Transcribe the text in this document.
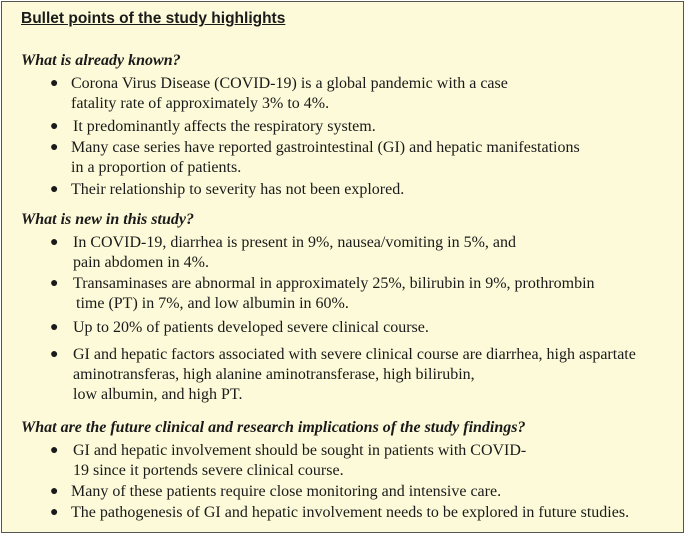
Bullet points of the study highlights
What is already known?
● Corona Virus Disease (COVID-19) is a global pandemic with a case
fatality rate of approximately 3% to 4%.
● It predominantly affects the respiratory system.
● Many case series have reported gastrointestinal (GI) and hepatic manifestations
in a proportion of patients.
● Their relationship to severity has not been explored.
What is new in this study?
● In COVID-19, diarrhea is present in 9%, nausea/vomiting in 5%, and
pain abdomen in 4%.
● Transaminases are abnormal in approximately 25%, bilirubin in 9%, prothrombin
time (PT) in 7%, and low albumin in 60%.
● Up to 20% of patients developed severe clinical course.
● GI and hepatic factors associated with severe clinical course are diarrhea, high aspartate
aminotransferas, high alanine aminotransferase, high bilirubin,
low albumin, and high PT.
What are the future clinical and research implications of the study findings?
● GI and hepatic involvement should be sought in patients with COVID-
19 since it portends severe clinical course.
● Many of these patients require close monitoring and intensive care.
● The pathogenesis of GI and hepatic involvement needs to be explored in future studies.
